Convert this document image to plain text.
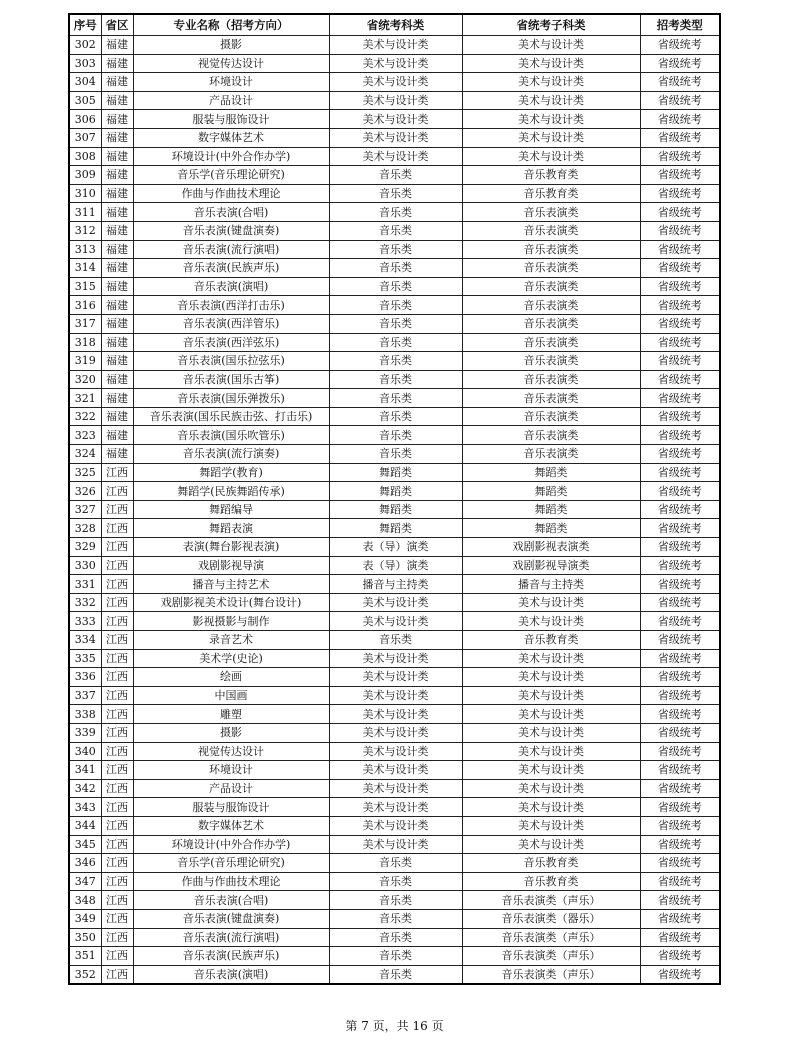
序号	省区	专业名称（招考方向）	省统考科类	省统考子科类	招考类型
302	福建	摄影	美术与设计类	美术与设计类	省级统考
303	福建	视觉传达设计	美术与设计类	美术与设计类	省级统考
304	福建	环境设计	美术与设计类	美术与设计类	省级统考
305	福建	产品设计	美术与设计类	美术与设计类	省级统考
306	福建	服装与服饰设计	美术与设计类	美术与设计类	省级统考
307	福建	数字媒体艺术	美术与设计类	美术与设计类	省级统考
308	福建	环境设计(中外合作办学)	美术与设计类	美术与设计类	省级统考
309	福建	音乐学(音乐理论研究)	音乐类	音乐教育类	省级统考
310	福建	作曲与作曲技术理论	音乐类	音乐教育类	省级统考
311	福建	音乐表演(合唱)	音乐类	音乐表演类	省级统考
312	福建	音乐表演(键盘演奏)	音乐类	音乐表演类	省级统考
313	福建	音乐表演(流行演唱)	音乐类	音乐表演类	省级统考
314	福建	音乐表演(民族声乐)	音乐类	音乐表演类	省级统考
315	福建	音乐表演(演唱)	音乐类	音乐表演类	省级统考
316	福建	音乐表演(西洋打击乐)	音乐类	音乐表演类	省级统考
317	福建	音乐表演(西洋管乐)	音乐类	音乐表演类	省级统考
318	福建	音乐表演(西洋弦乐)	音乐类	音乐表演类	省级统考
319	福建	音乐表演(国乐拉弦乐)	音乐类	音乐表演类	省级统考
320	福建	音乐表演(国乐古筝)	音乐类	音乐表演类	省级统考
321	福建	音乐表演(国乐弹拨乐)	音乐类	音乐表演类	省级统考
322	福建	音乐表演(国乐民族击弦、打击乐)	音乐类	音乐表演类	省级统考
323	福建	音乐表演(国乐吹管乐)	音乐类	音乐表演类	省级统考
324	福建	音乐表演(流行演奏)	音乐类	音乐表演类	省级统考
325	江西	舞蹈学(教育)	舞蹈类	舞蹈类	省级统考
326	江西	舞蹈学(民族舞蹈传承)	舞蹈类	舞蹈类	省级统考
327	江西	舞蹈编导	舞蹈类	舞蹈类	省级统考
328	江西	舞蹈表演	舞蹈类	舞蹈类	省级统考
329	江西	表演(舞台影视表演)	表（导）演类	戏剧影视表演类	省级统考
330	江西	戏剧影视导演	表（导）演类	戏剧影视导演类	省级统考
331	江西	播音与主持艺术	播音与主持类	播音与主持类	省级统考
332	江西	戏剧影视美术设计(舞台设计)	美术与设计类	美术与设计类	省级统考
333	江西	影视摄影与制作	美术与设计类	美术与设计类	省级统考
334	江西	录音艺术	音乐类	音乐教育类	省级统考
335	江西	美术学(史论)	美术与设计类	美术与设计类	省级统考
336	江西	绘画	美术与设计类	美术与设计类	省级统考
337	江西	中国画	美术与设计类	美术与设计类	省级统考
338	江西	雕塑	美术与设计类	美术与设计类	省级统考
339	江西	摄影	美术与设计类	美术与设计类	省级统考
340	江西	视觉传达设计	美术与设计类	美术与设计类	省级统考
341	江西	环境设计	美术与设计类	美术与设计类	省级统考
342	江西	产品设计	美术与设计类	美术与设计类	省级统考
343	江西	服装与服饰设计	美术与设计类	美术与设计类	省级统考
344	江西	数字媒体艺术	美术与设计类	美术与设计类	省级统考
345	江西	环境设计(中外合作办学)	美术与设计类	美术与设计类	省级统考
346	江西	音乐学(音乐理论研究)	音乐类	音乐教育类	省级统考
347	江西	作曲与作曲技术理论	音乐类	音乐教育类	省级统考
348	江西	音乐表演(合唱)	音乐类	音乐表演类（声乐）	省级统考
349	江西	音乐表演(键盘演奏)	音乐类	音乐表演类（器乐）	省级统考
350	江西	音乐表演(流行演唱)	音乐类	音乐表演类（声乐）	省级统考
351	江西	音乐表演(民族声乐)	音乐类	音乐表演类（声乐）	省级统考
352	江西	音乐表演(演唱)	音乐类	音乐表演类（声乐）	省级统考
第 7 页，共 16 页
